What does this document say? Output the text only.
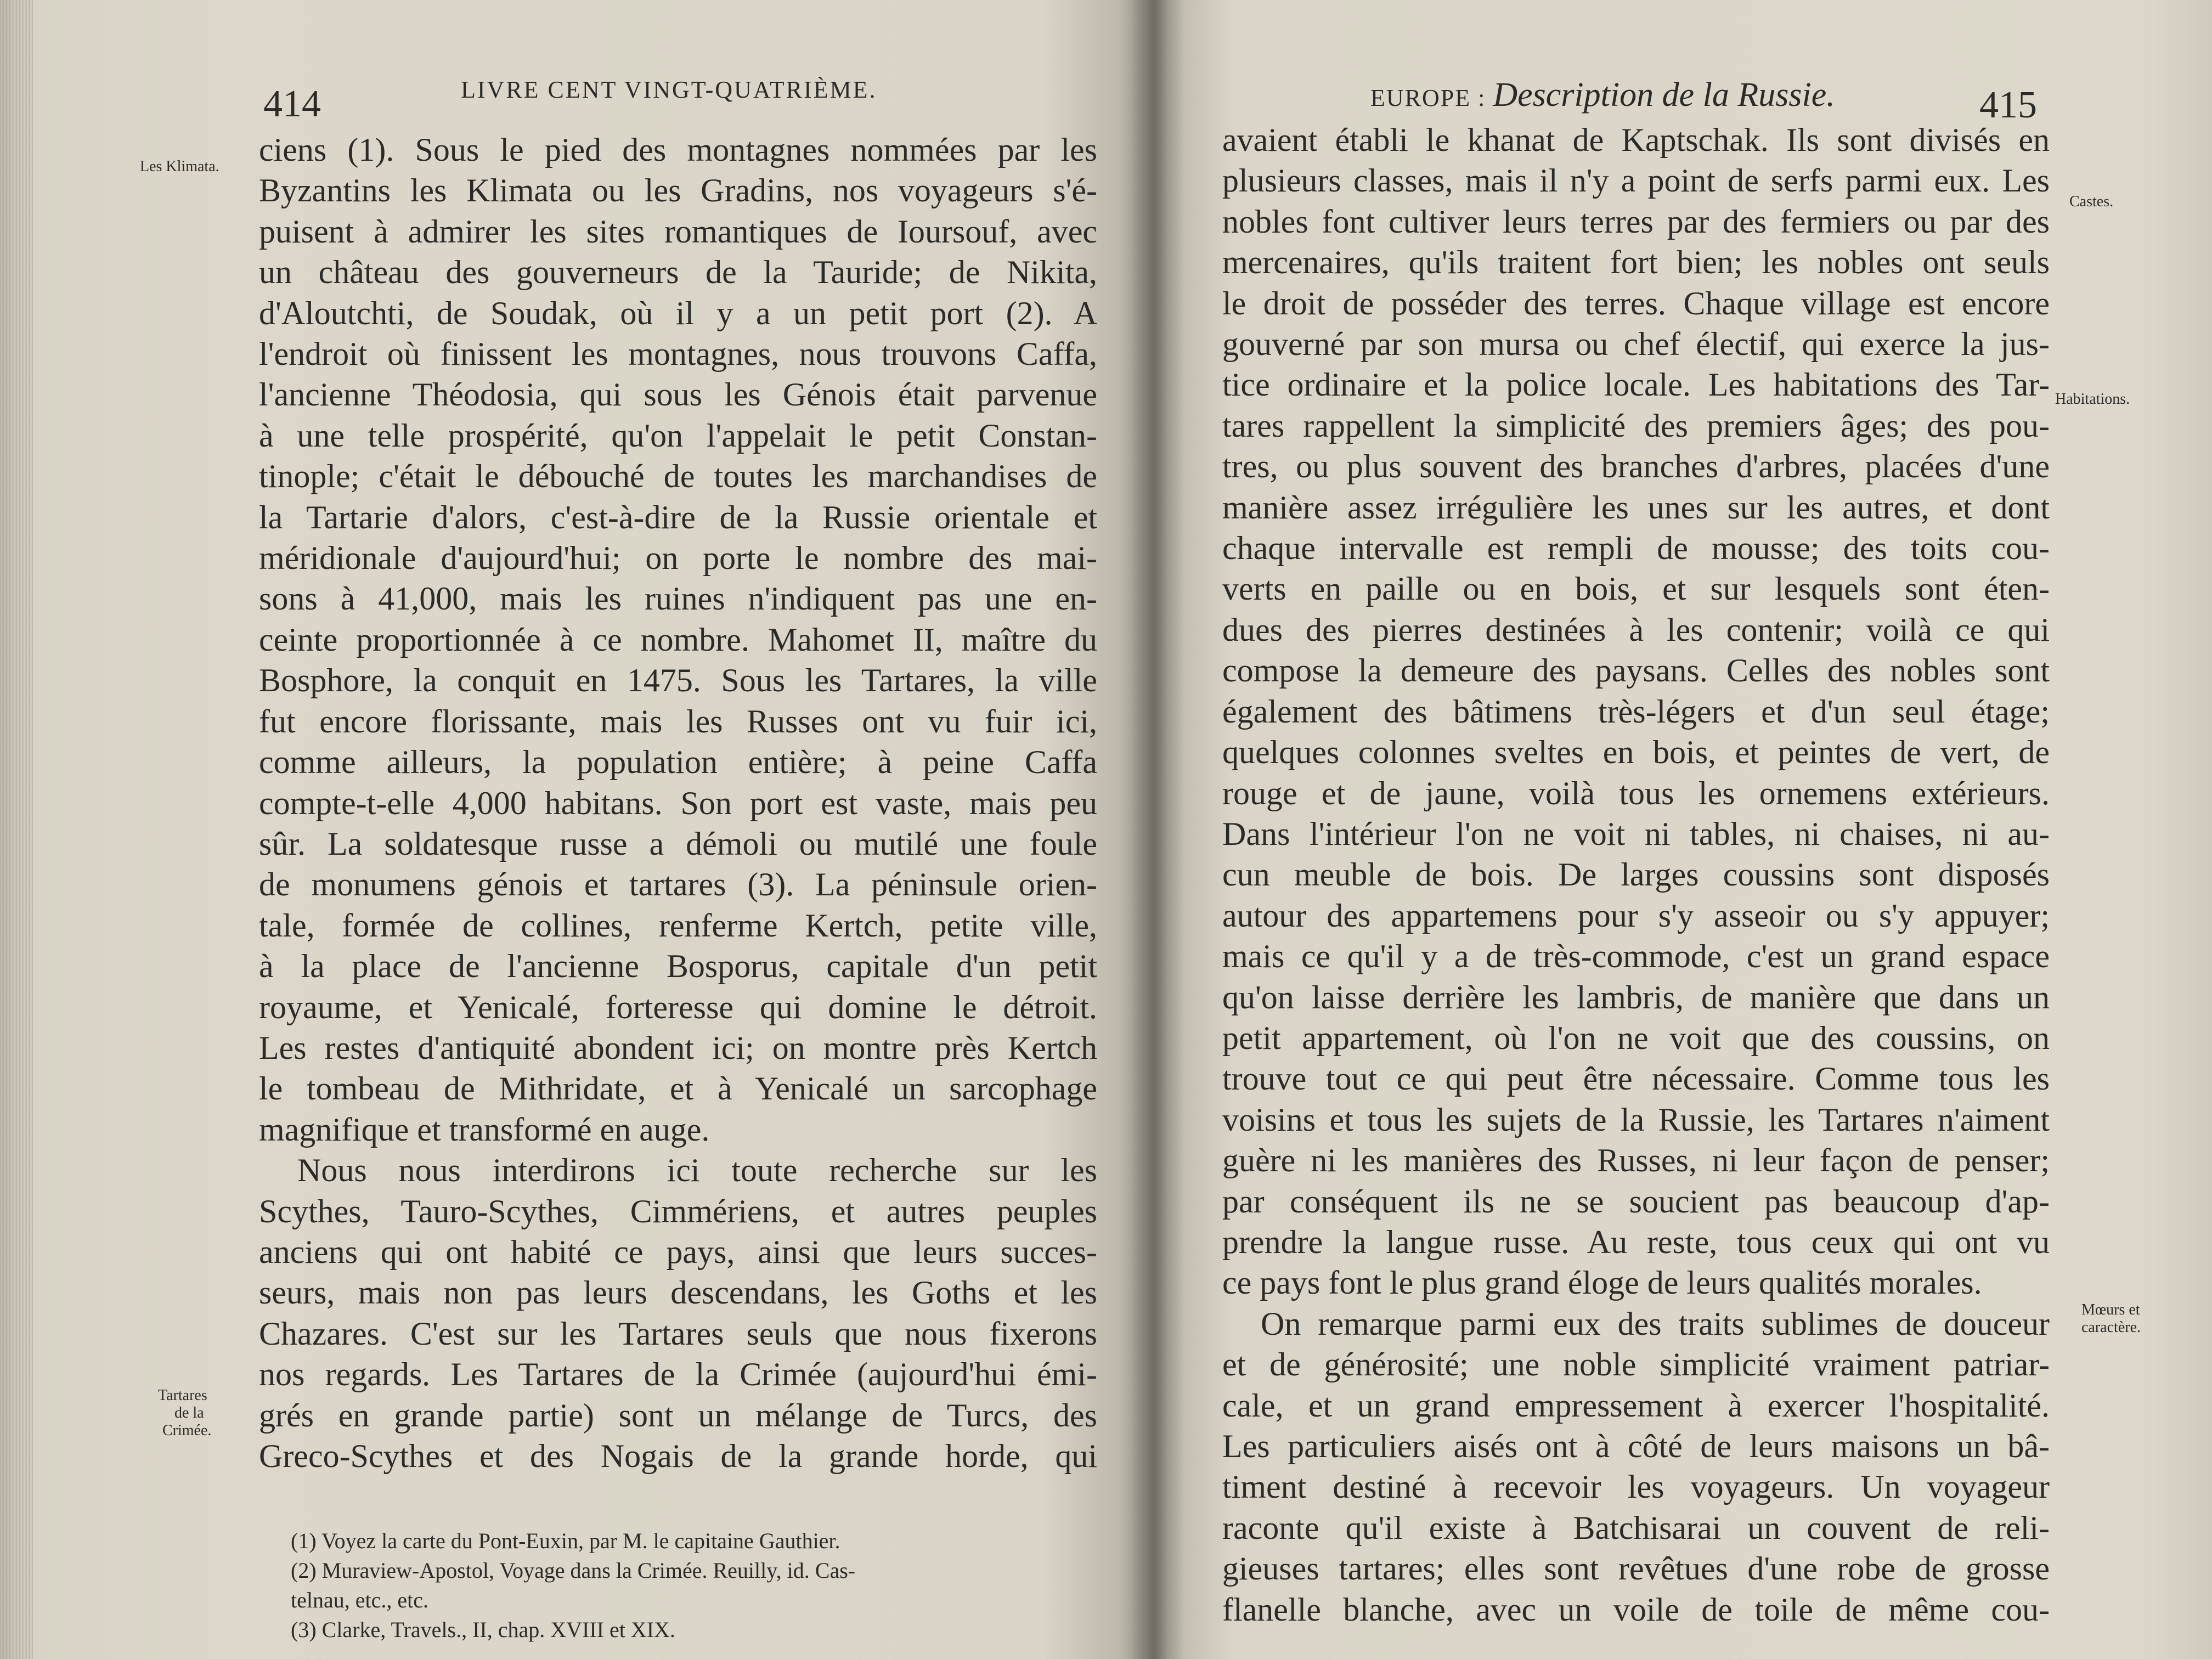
414	LIVRE CENT VINGT-QUATRIÈME.
Les Klimata.
Tartares
de la
Crimée.
ciens (1). Sous le pied des montagnes nommées par les
Byzantins les Klimata ou les Gradins, nos voyageurs s'é-
puisent à admirer les sites romantiques de Ioursouf, avec
un château des gouverneurs de la Tauride; de Nikita,
d'Aloutchti, de Soudak, où il y a un petit port (2). A
l'endroit où finissent les montagnes, nous trouvons Caffa,
l'ancienne Théodosia, qui sous les Génois était parvenue
à une telle prospérité, qu'on l'appelait le petit Constan-
tinople; c'était le débouché de toutes les marchandises de
la Tartarie d'alors, c'est-à-dire de la Russie orientale et
méridionale d'aujourd'hui; on porte le nombre des mai-
sons à 41,000, mais les ruines n'indiquent pas une en-
ceinte proportionnée à ce nombre. Mahomet II, maître du
Bosphore, la conquit en 1475. Sous les Tartares, la ville
fut encore florissante, mais les Russes ont vu fuir ici,
comme ailleurs, la population entière; à peine Caffa
compte-t-elle 4,000 habitans. Son port est vaste, mais peu
sûr. La soldatesque russe a démoli ou mutilé une foule
de monumens génois et tartares (3). La péninsule orien-
tale, formée de collines, renferme Kertch, petite ville,
à la place de l'ancienne Bosporus, capitale d'un petit
royaume, et Yenicalé, forteresse qui domine le détroit.
Les restes d'antiquité abondent ici; on montre près Kertch
le tombeau de Mithridate, et à Yenicalé un sarcophage
magnifique et transformé en auge.
Nous nous interdirons ici toute recherche sur les
Scythes, Tauro-Scythes, Cimmériens, et autres peuples
anciens qui ont habité ce pays, ainsi que leurs succes-
seurs, mais non pas leurs descendans, les Goths et les
Chazares. C'est sur les Tartares seuls que nous fixerons
nos regards. Les Tartares de la Crimée (aujourd'hui émi-
grés en grande partie) sont un mélange de Turcs, des
Greco-Scythes et des Nogais de la grande horde, qui
(1) Voyez la carte du Pont-Euxin, par M. le capitaine Gauthier.
(2) Muraview-Apostol, Voyage dans la Crimée. Reuilly, id. Cas-
telnau, etc., etc.
(3) Clarke, Travels., II, chap. XVIII et XIX.
EUROPE : Description de la Russie.	415
Castes.
Habitations.
Mœurs et
caractère.
avaient établi le khanat de Kaptschak. Ils sont divisés en
plusieurs classes, mais il n'y a point de serfs parmi eux. Les
nobles font cultiver leurs terres par des fermiers ou par des
mercenaires, qu'ils traitent fort bien; les nobles ont seuls
le droit de posséder des terres. Chaque village est encore
gouverné par son mursa ou chef électif, qui exerce la jus-
tice ordinaire et la police locale. Les habitations des Tar-
tares rappellent la simplicité des premiers âges; des pou-
tres, ou plus souvent des branches d'arbres, placées d'une
manière assez irrégulière les unes sur les autres, et dont
chaque intervalle est rempli de mousse; des toits cou-
verts en paille ou en bois, et sur lesquels sont éten-
dues des pierres destinées à les contenir; voilà ce qui
compose la demeure des paysans. Celles des nobles sont
également des bâtimens très-légers et d'un seul étage;
quelques colonnes sveltes en bois, et peintes de vert, de
rouge et de jaune, voilà tous les ornemens extérieurs.
Dans l'intérieur l'on ne voit ni tables, ni chaises, ni au-
cun meuble de bois. De larges coussins sont disposés
autour des appartemens pour s'y asseoir ou s'y appuyer;
mais ce qu'il y a de très-commode, c'est un grand espace
qu'on laisse derrière les lambris, de manière que dans un
petit appartement, où l'on ne voit que des coussins, on
trouve tout ce qui peut être nécessaire. Comme tous les
voisins et tous les sujets de la Russie, les Tartares n'aiment
guère ni les manières des Russes, ni leur façon de penser;
par conséquent ils ne se soucient pas beaucoup d'ap-
prendre la langue russe. Au reste, tous ceux qui ont vu
ce pays font le plus grand éloge de leurs qualités morales.
On remarque parmi eux des traits sublimes de douceur
et de générosité; une noble simplicité vraiment patriar-
cale, et un grand empressement à exercer l'hospitalité.
Les particuliers aisés ont à côté de leurs maisons un bâ-
timent destiné à recevoir les voyageurs. Un voyageur
raconte qu'il existe à Batchisarai un couvent de reli-
gieuses tartares; elles sont revêtues d'une robe de grosse
flanelle blanche, avec un voile de toile de même cou-
